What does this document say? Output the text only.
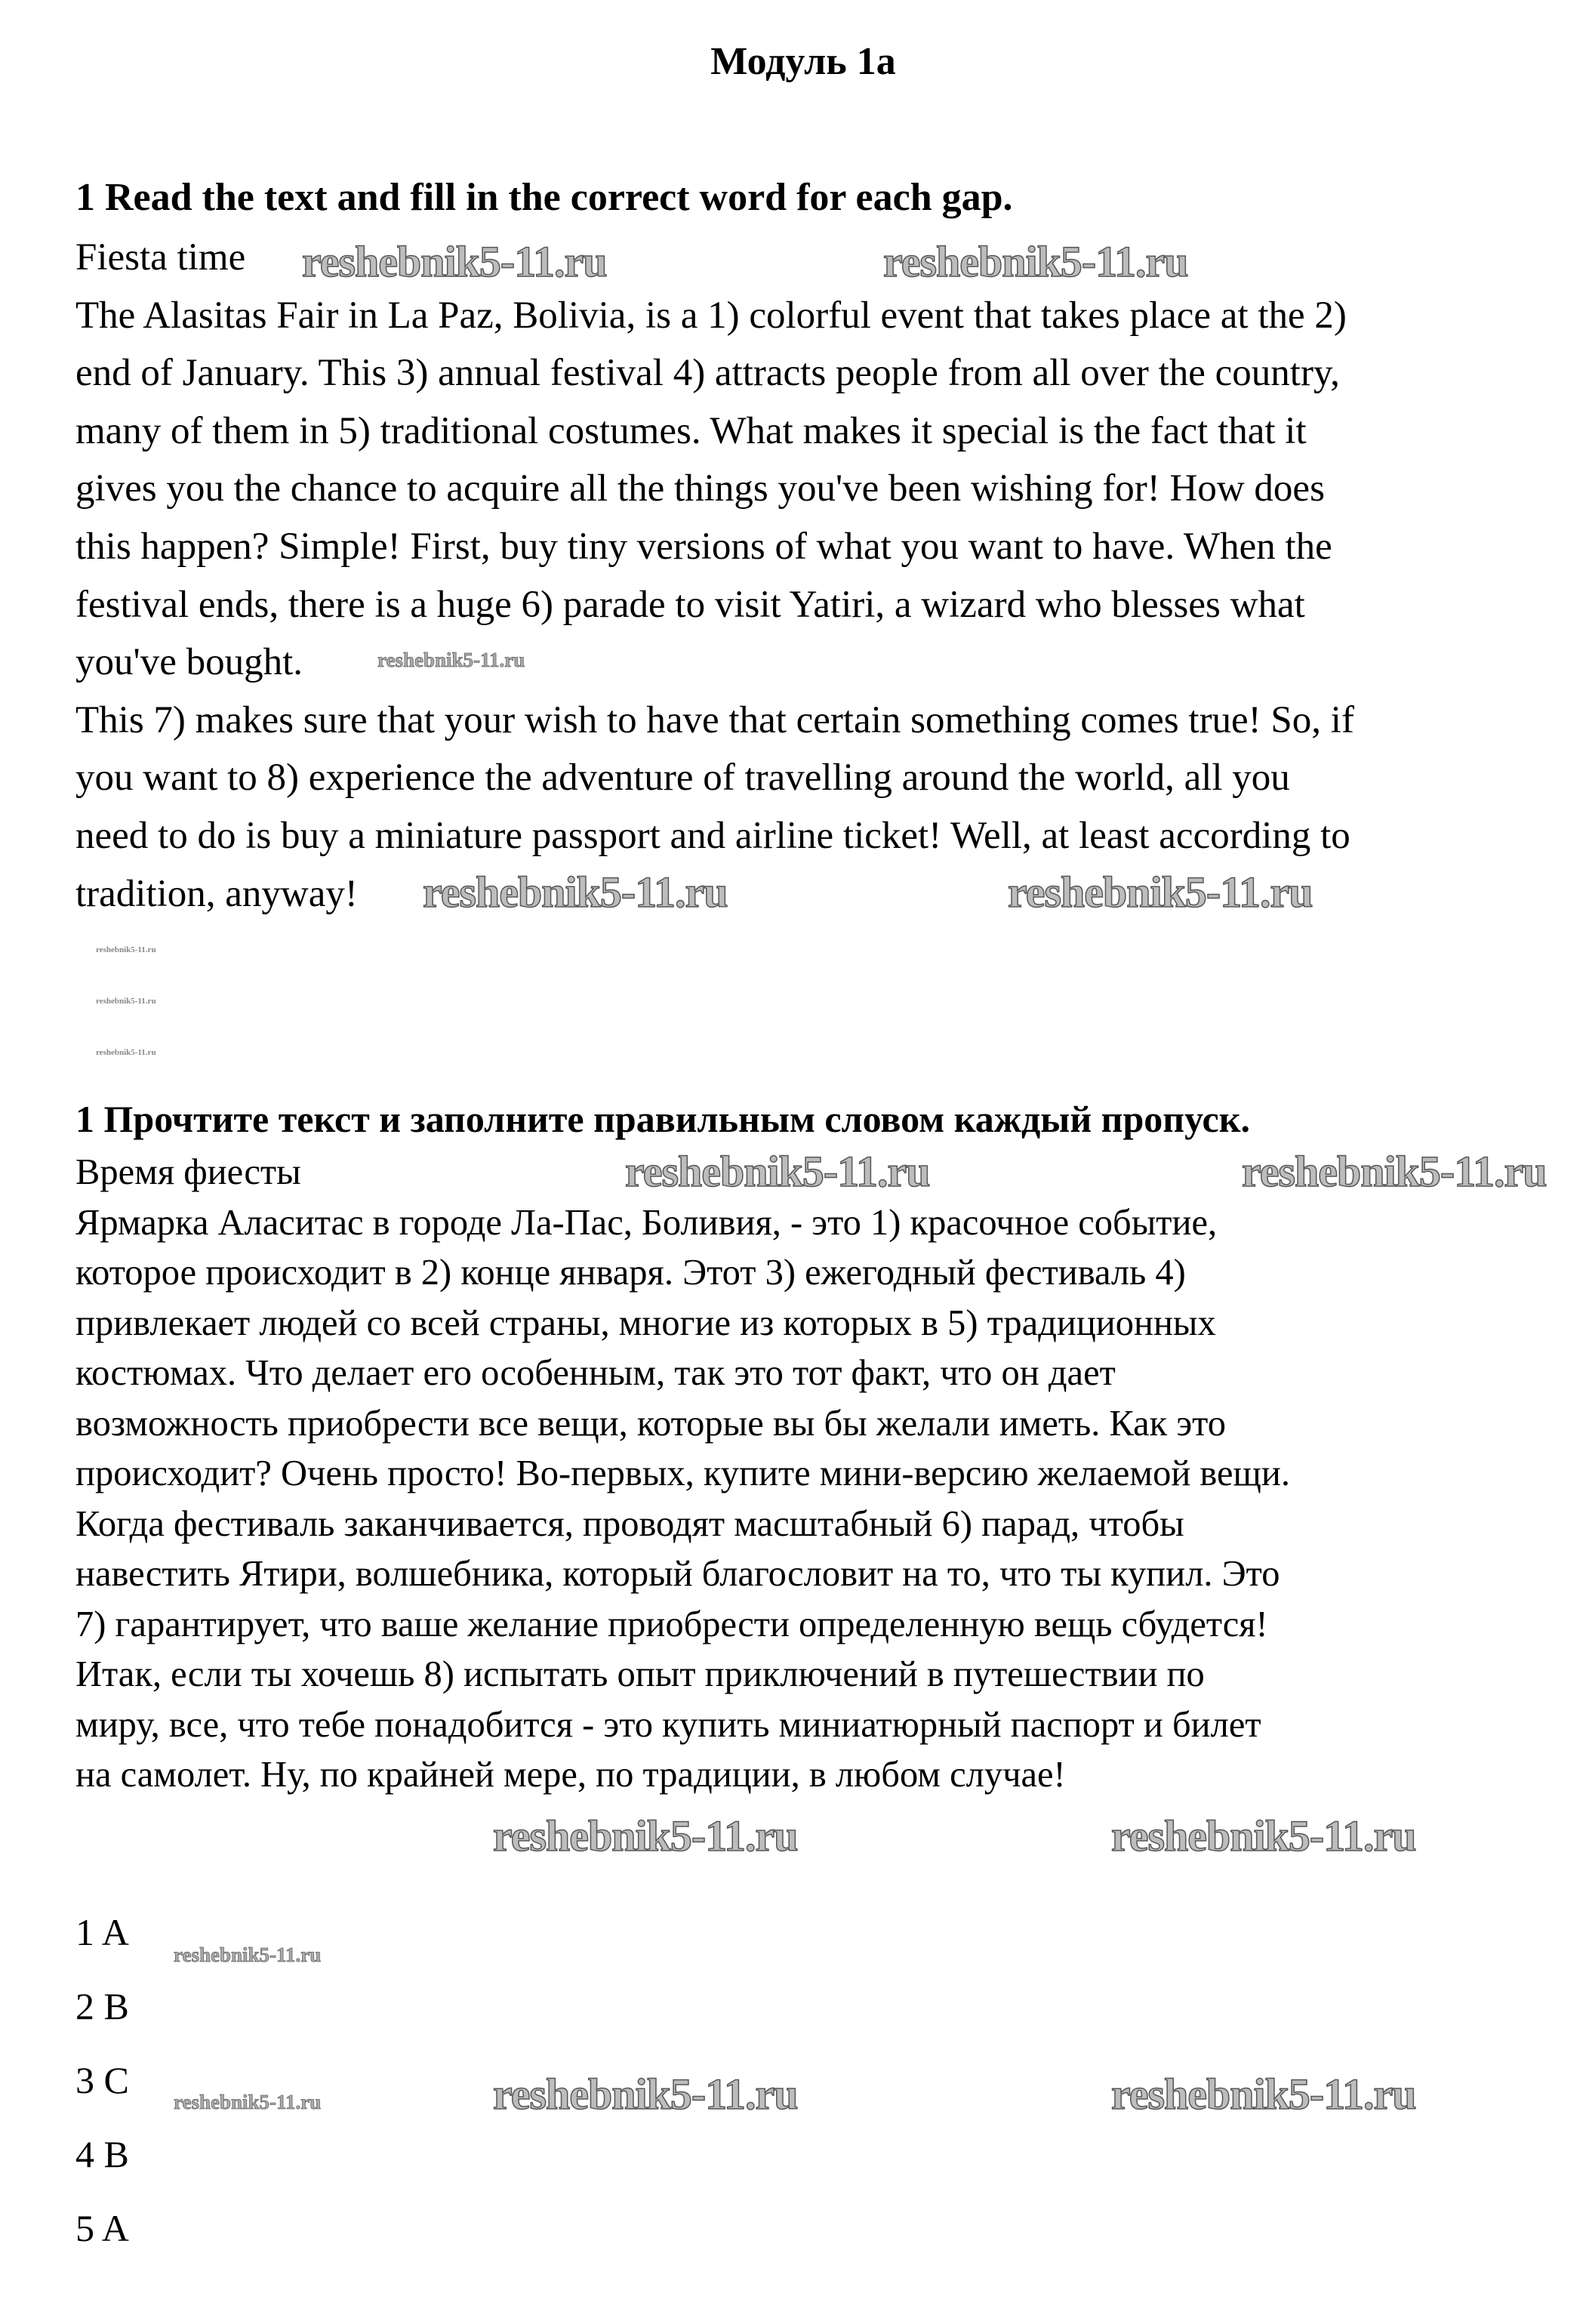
Модуль 1a
1 Read the text and fill in the correct word for each gap.
Fiesta time
The Alasitas Fair in La Paz, Bolivia, is a 1) colorful event that takes place at the 2)
end of January. This 3) annual festival 4) attracts people from all over the country,
many of them in 5) traditional costumes. What makes it special is the fact that it
gives you the chance to acquire all the things you've been wishing for! How does
this happen? Simple! First, buy tiny versions of what you want to have. When the
festival ends, there is a huge 6) parade to visit Yatiri, a wizard who blesses what
you've bought.
This 7) makes sure that your wish to have that certain something comes true! So, if
you want to 8) experience the adventure of travelling around the world, all you
need to do is buy a miniature passport and airline ticket! Well, at least according to
tradition, anyway!
1 Прочтите текст и заполните правильным словом каждый пропуск.
Время фиесты
Ярмарка Аласитас в городе Ла-Пас, Боливия, - это 1) красочное событие,
которое происходит в 2) конце января. Этот 3) ежегодный фестиваль 4)
привлекает людей со всей страны, многие из которых в 5) традиционных
костюмах. Что делает его особенным, так это тот факт, что он дает
возможность приобрести все вещи, которые вы бы желали иметь. Как это
происходит? Очень просто! Во-первых, купите мини-версию желаемой вещи.
Когда фестиваль заканчивается, проводят масштабный 6) парад, чтобы
навестить Ятири, волшебника, который благословит на то, что ты купил. Это
7) гарантирует, что ваше желание приобрести определенную вещь сбудется!
Итак, если ты хочешь 8) испытать опыт приключений в путешествии по
миру, все, что тебе понадобится - это купить миниатюрный паспорт и билет
на самолет. Ну, по крайней мере, по традиции, в любом случае!
1 A
2 B
3 C
4 B
5 A
reshebnik5-11.ru	reshebnik5-11.ru
reshebnik5-11.ru	reshebnik5-11.ru
reshebnik5-11.ru	reshebnik5-11.ru
reshebnik5-11.ru	reshebnik5-11.ru
reshebnik5-11.ru	reshebnik5-11.ru
reshebnik5-11.ru
reshebnik5-11.ru
reshebnik5-11.ru
reshebnik5-11.ru
reshebnik5-11.ru
reshebnik5-11.ru
